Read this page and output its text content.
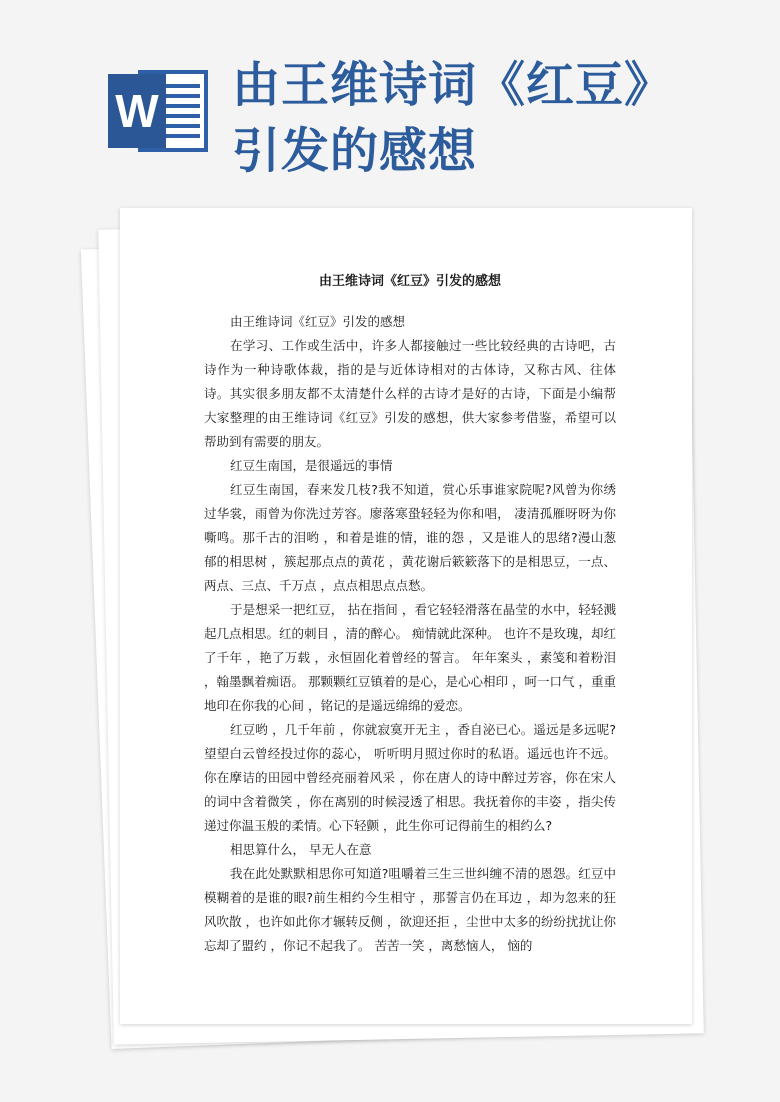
W 由王维诗词《红豆》引发的感想

由王维诗词《红豆》引发的感想

由王维诗词《红豆》引发的感想

在学习、工作或生活中，许多人都接触过一些比较经典的古诗吧，古诗作为一种诗歌体裁，指的是与近体诗相对的古体诗，又称古风、往体诗。其实很多朋友都不太清楚什么样的古诗才是好的古诗，下面是小编帮大家整理的由王维诗词《红豆》引发的感想，供大家参考借鉴，希望可以帮助到有需要的朋友。

红豆生南国，是很遥远的事情

红豆生南国，春来发几枝?我不知道，赏心乐事谁家院呢?风曾为你绣过华裳，雨曾为你洗过芳容。廖落寒蛩轻轻为你和唱， 凄清孤雁呀呀为你嘶鸣。那千古的泪哟 ，和着是谁的情，谁的怨 ，又是谁人的思绪?漫山葱郁的相思树 ，簇起那点点的黄花 ，黄花谢后簌簌落下的是相思豆，一点、两点、三点、千万点 ，点点相思点点愁。

于是想采一把红豆， 拈在指间 ，看它轻轻滑落在晶莹的水中，轻轻溅起几点相思。红的刺目 ，清的醉心。 痴情就此深种。 也许不是玫瑰，却红了千年 ，艳了万载 ，永恒固化着曾经的誓言。 年年案头 ，素笺和着粉泪 ，翰墨飘着痴语。 那颗颗红豆镇着的是心，是心心相印 ，呵一口气 ，重重地印在你我的心间 ，铭记的是遥远绵绵的爱恋。

红豆哟 ，几千年前 ，你就寂寞开无主 ，香自泌已心。遥远是多远呢?望望白云曾经投过你的蕊心， 听听明月照过你时的私语。遥远也许不远。你在摩诘的田园中曾经亮丽着风采 ，你在唐人的诗中醉过芳容，你在宋人的词中含着微笑 ，你在离别的时候浸透了相思。我抚着你的丰姿 ，指尖传递过你温玉般的柔情。心下轻颤 ，此生你可记得前生的相约么?

相思算什么， 早无人在意

我在此处默默相思你可知道?咀嚼着三生三世纠缠不清的恩怨。红豆中模糊着的是谁的眼?前生相约今生相守 ，那誓言仍在耳边 ，却为忽来的狂风吹散 ，也许如此你才辗转反侧 ，欲迎还拒 ，尘世中太多的纷纷扰扰让你忘却了盟约 ，你记不起我了。 苦苦一笑 ，离愁恼人， 恼的
